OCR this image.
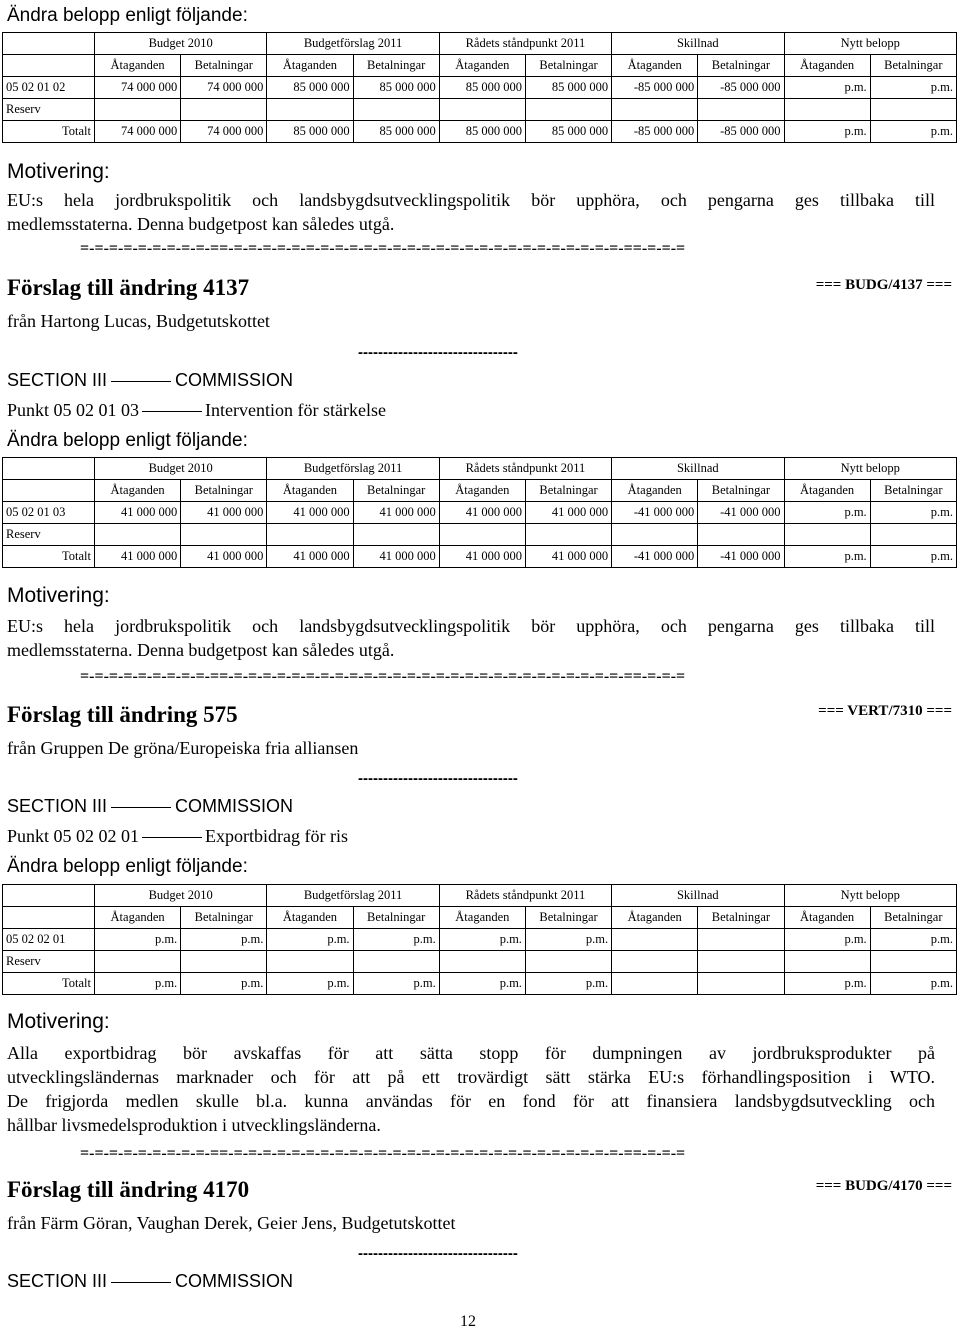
Ändra belopp enligt följande:
	Budget 2010		Budgetförslag 2011		Rådets ståndpunkt 2011		Skillnad		Nytt belopp	
	Åtaganden	Betalningar	Åtaganden	Betalningar	Åtaganden	Betalningar	Åtaganden	Betalningar	Åtaganden	Betalningar
05 02 01 02	74 000 000	74 000 000	85 000 000	85 000 000	85 000 000	85 000 000	-85 000 000	-85 000 000	p.m.	p.m.
Reserv										
Totalt	74 000 000	74 000 000	85 000 000	85 000 000	85 000 000	85 000 000	-85 000 000	-85 000 000	p.m.	p.m.
Motivering:
EU:s hela jordbrukspolitik och landsbygdsutvecklingspolitik bör upphöra, och pengarna ges tillbaka till
medlemsstaterna. Denna budgetpost kan således utgå.
=-=-=-=-=-=-=-=-=-==-=-=-=-=-=-=-=-=-=-=-=-=-=-=-=-=-=-=-=-=-=-=-=-=-=-=-=-==-=-=-=
Förslag till ändring 4137	=== BUDG/4137 ===
från Hartong Lucas, Budgetutskottet
--------------------------------
SECTION III	COMMISSION
Punkt 05 02 01 03	Intervention för stärkelse
Ändra belopp enligt följande:
	Budget 2010		Budgetförslag 2011		Rådets ståndpunkt 2011		Skillnad		Nytt belopp	
	Åtaganden	Betalningar	Åtaganden	Betalningar	Åtaganden	Betalningar	Åtaganden	Betalningar	Åtaganden	Betalningar
05 02 01 03	41 000 000	41 000 000	41 000 000	41 000 000	41 000 000	41 000 000	-41 000 000	-41 000 000	p.m.	p.m.
Reserv										
Totalt	41 000 000	41 000 000	41 000 000	41 000 000	41 000 000	41 000 000	-41 000 000	-41 000 000	p.m.	p.m.
Motivering:
EU:s hela jordbrukspolitik och landsbygdsutvecklingspolitik bör upphöra, och pengarna ges tillbaka till
medlemsstaterna. Denna budgetpost kan således utgå.
=-=-=-=-=-=-=-=-=-==-=-=-=-=-=-=-=-=-=-=-=-=-=-=-=-=-=-=-=-=-=-=-=-=-=-=-=-==-=-=-=
Förslag till ändring 575	=== VERT/7310 ===
från Gruppen De gröna/Europeiska fria alliansen
--------------------------------
SECTION III	COMMISSION
Punkt 05 02 02 01	Exportbidrag för ris
Ändra belopp enligt följande:
	Budget 2010		Budgetförslag 2011		Rådets ståndpunkt 2011		Skillnad		Nytt belopp	
	Åtaganden	Betalningar	Åtaganden	Betalningar	Åtaganden	Betalningar	Åtaganden	Betalningar	Åtaganden	Betalningar
05 02 02 01	p.m.	p.m.	p.m.	p.m.	p.m.	p.m.			p.m.	p.m.
Reserv										
Totalt	p.m.	p.m.	p.m.	p.m.	p.m.	p.m.			p.m.	p.m.
Motivering:
Alla exportbidrag bör avskaffas för att sätta stopp för dumpningen av jordbruksprodukter på
utvecklingsländernas marknader och för att på ett trovärdigt sätt stärka EU:s förhandlingsposition i WTO.
De frigjorda medlen skulle bl.a. kunna användas för en fond för att finansiera landsbygdsutveckling och
hållbar livsmedelsproduktion i utvecklingsländerna.
=-=-=-=-=-=-=-=-=-==-=-=-=-=-=-=-=-=-=-=-=-=-=-=-=-=-=-=-=-=-=-=-=-=-=-=-=-==-=-=-=
Förslag till ändring 4170	=== BUDG/4170 ===
från Färm Göran, Vaughan Derek, Geier Jens, Budgetutskottet
--------------------------------
SECTION III	COMMISSION
12
